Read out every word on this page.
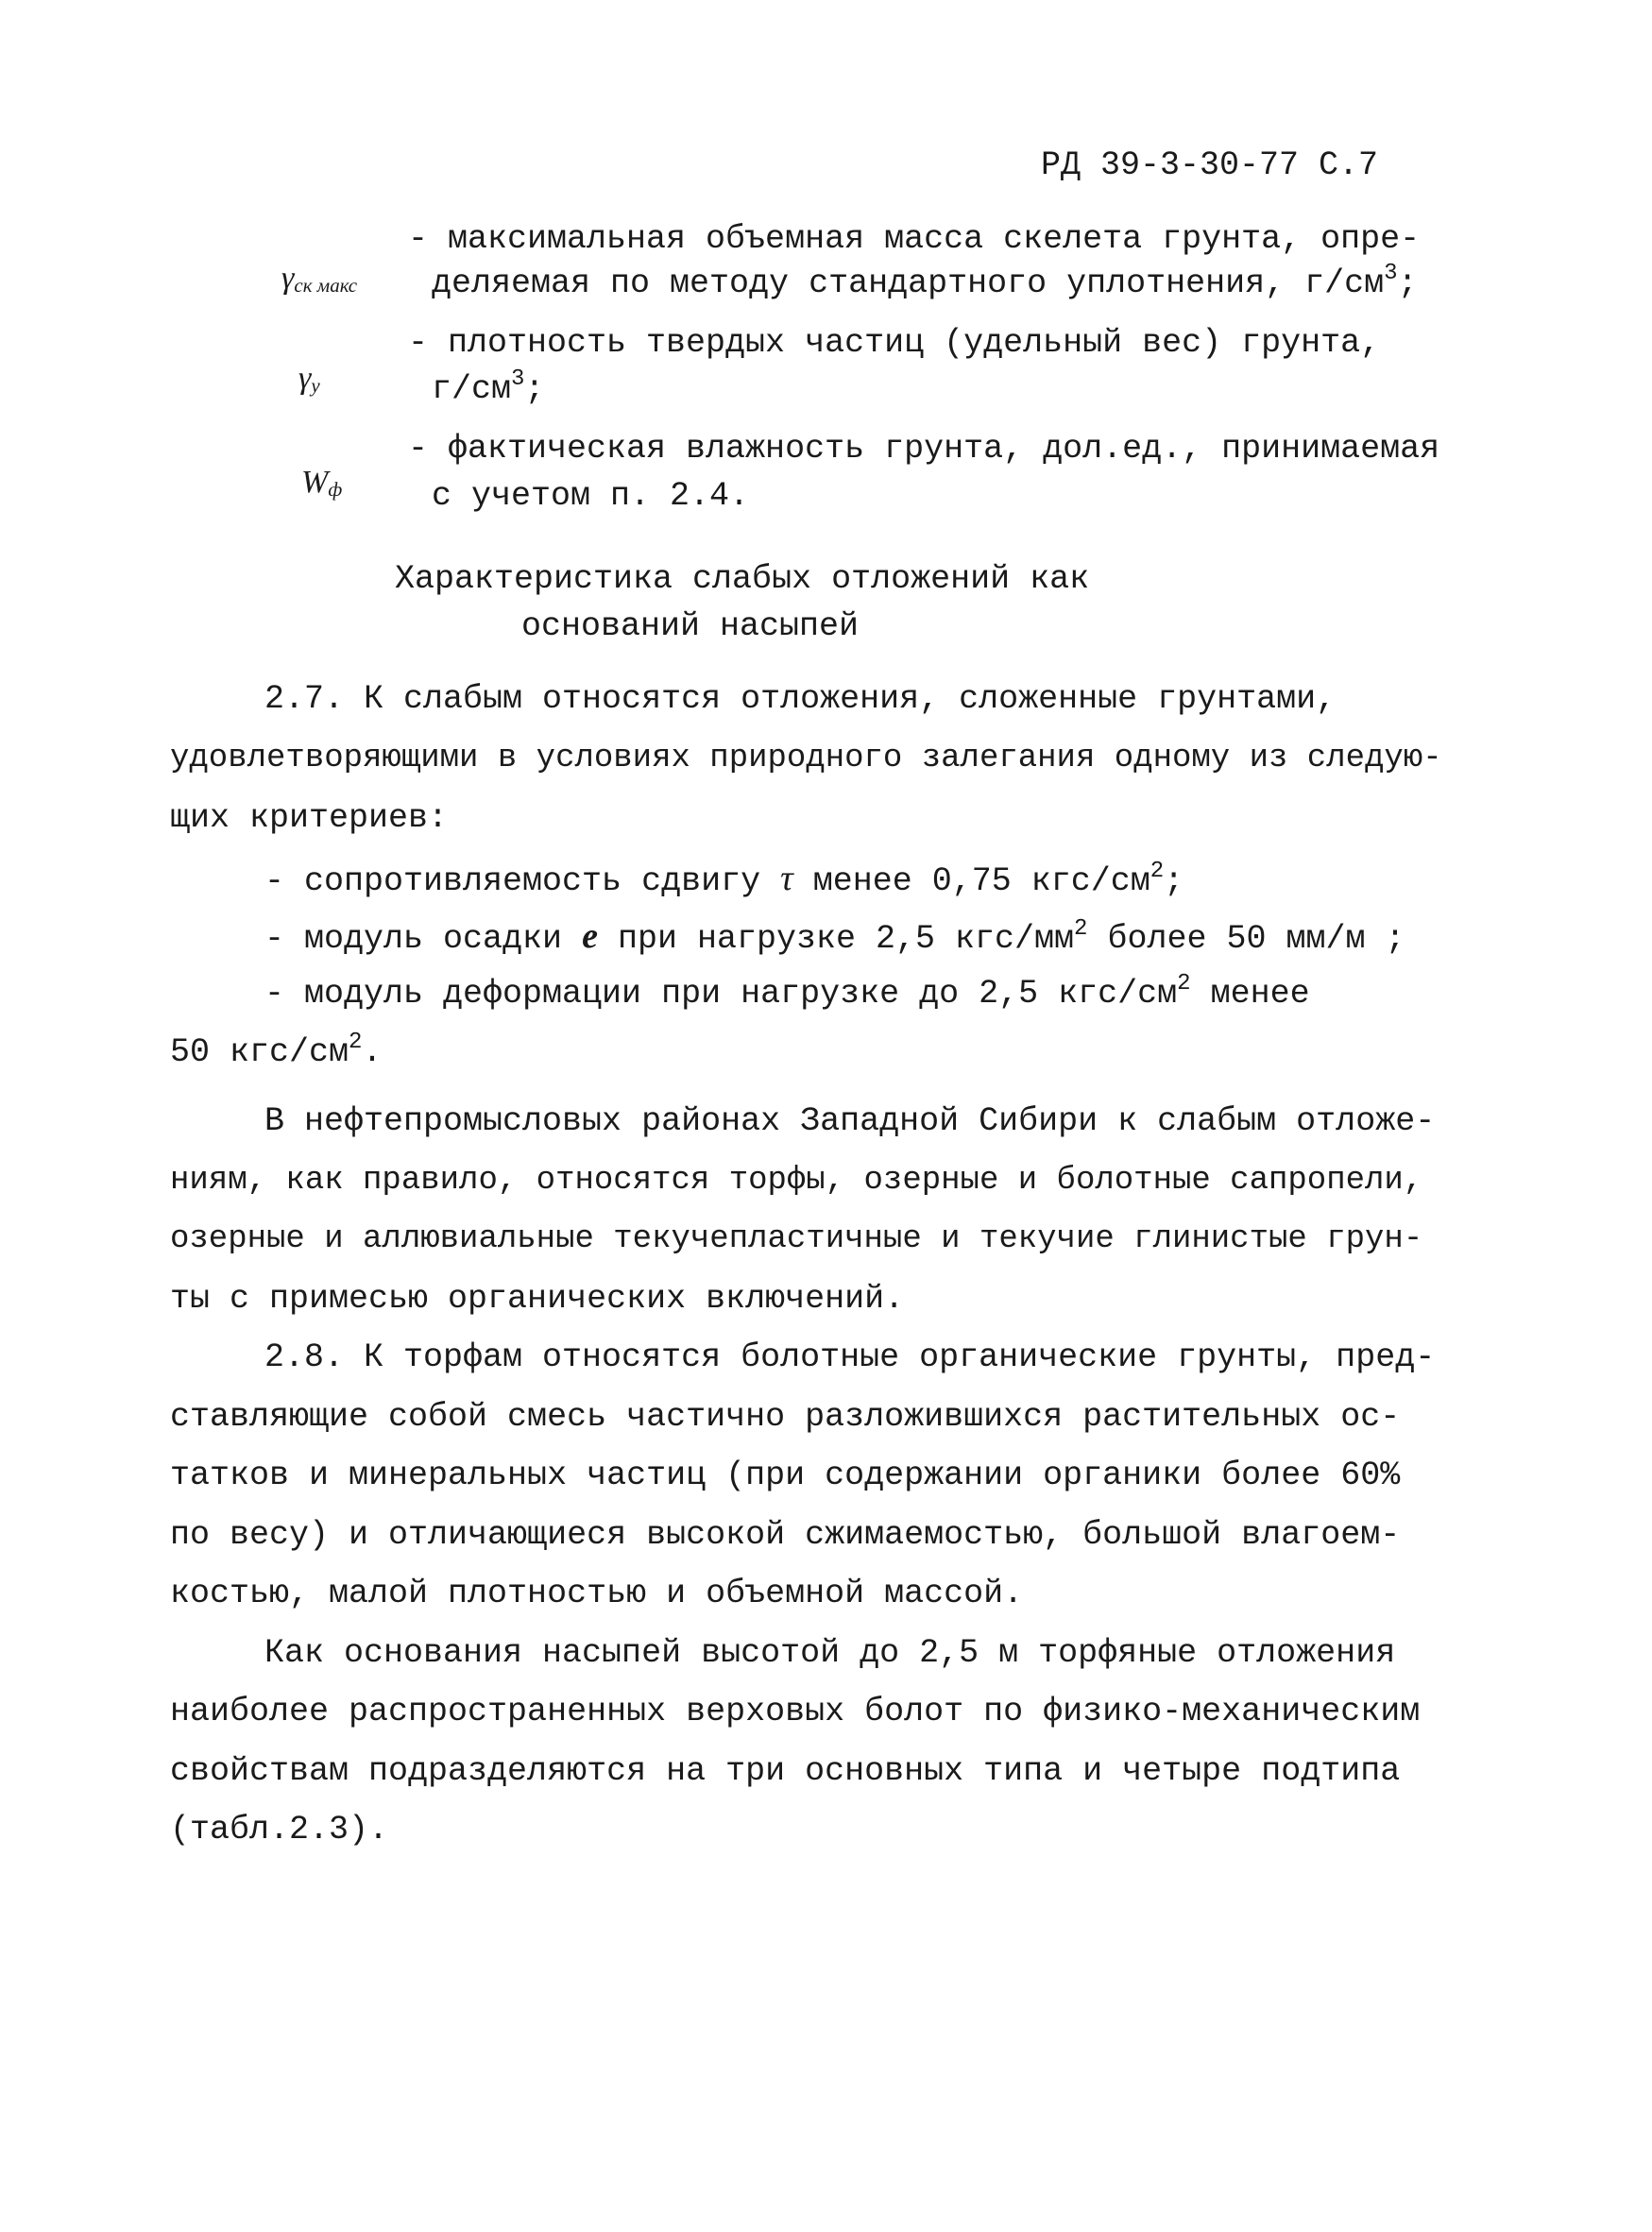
РД 39-3-30-77 С.7

$\gamma_{ск макс}$

- максимальная объемная масса скелета грунта, опре-
деляемая по методу стандартного уплотнения, $г/см^3$;

$\gamma_у$

- плотность твердых частиц (удельный вес) грунта,
$г/см^3$;

$W_ф$

- фактическая влажность грунта, дол.ед., принимаемая
с учетом п. 2.4.
Характеристика слабых отложений как
оснований насыпей
2.7. К слабым относятся отложения, сложенные грунтами,
удовлетворяющими в условиях природного залегания одному из следую-
щих критериев:
- сопротивляемость сдвигу τ менее 0,75 кгс/$см^2$;
- модуль осадки e при нагрузке 2,5 кгс/$мм^2$ более 50 мм/м ;
- модуль деформации при нагрузке до 2,5 кгс/$см^2$ менее
50 кгс/$см^2$.
В нефтепромысловых районах Западной Сибири к слабым отложе-
ниям, как правило, относятся торфы, озерные и болотные сапропели,
озерные и аллювиальные текучепластичные и текучие глинистые грун-
ты с примесью органических включений.
2.8. К торфам относятся болотные органические грунты, пред-
ставляющие собой смесь частично разложившихся растительных ос-
татков и минеральных частиц (при содержании органики более 60%
по весу) и отличающиеся высокой сжимаемостью, большой влагоем-
костью, малой плотностью и объемной массой.
Как основания насыпей высотой до 2,5 м торфяные отложения
наиболее распространенных верховых болот по физико-механическим
свойствам подразделяются на три основных типа и четыре подтипа
(табл.2.3).
